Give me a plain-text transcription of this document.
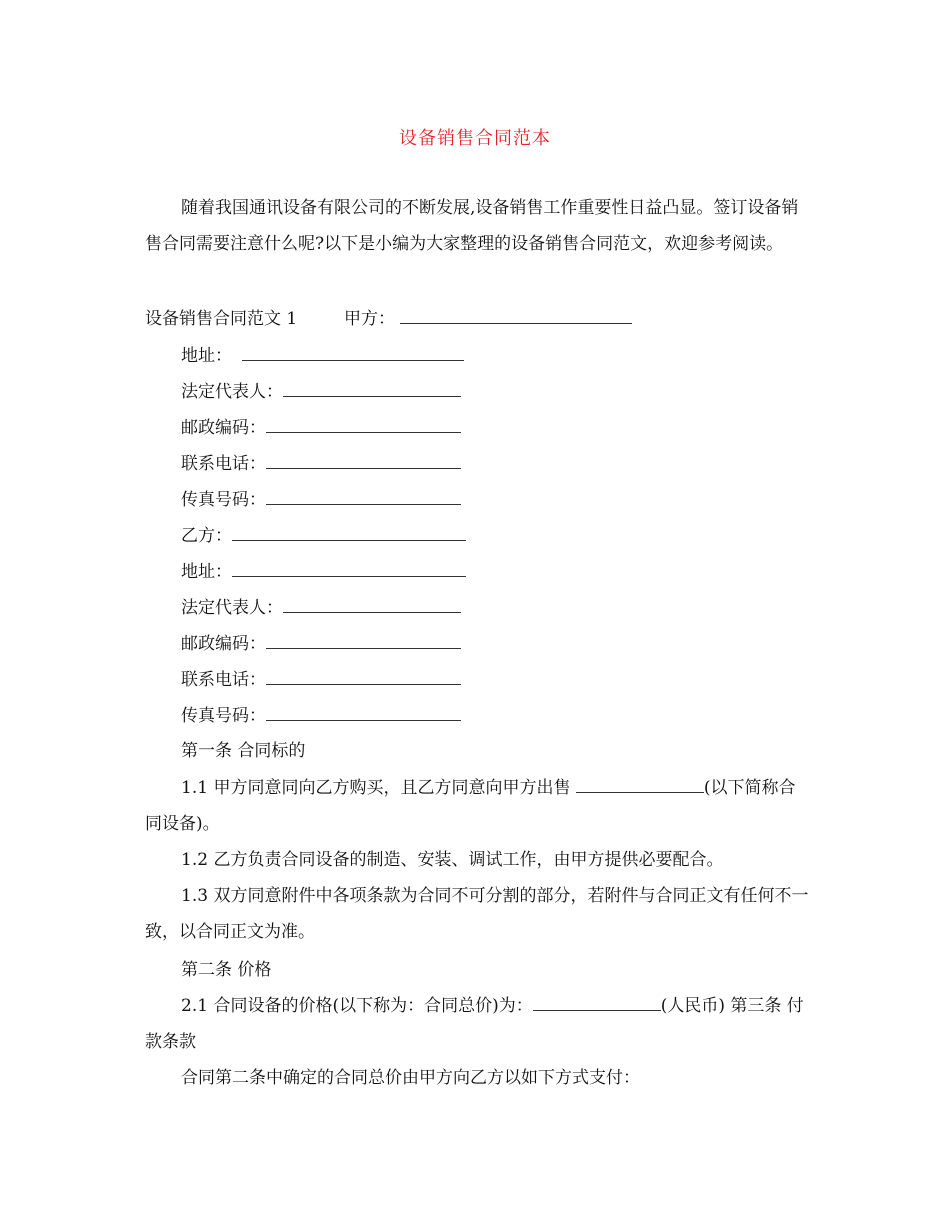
设备销售合同范本

随着我国通讯设备有限公司的不断发展,设备销售工作重要性日益凸显。签订设备销售合同需要注意什么呢?以下是小编为大家整理的设备销售合同范文，欢迎参考阅读。

设备销售合同范文 1	甲方：
地址：
法定代表人：
邮政编码：
联系电话：
传真号码：
乙方：
地址：
法定代表人：
邮政编码：
联系电话：
传真号码：
第一条 合同标的

1.1 甲方同意同向乙方购买，且乙方同意向甲方出售	(以下简称合同设备)。

1.2 乙方负责合同设备的制造、安装、调试工作，由甲方提供必要配合。

1.3 双方同意附件中各项条款为合同不可分割的部分，若附件与合同正文有任何不一致，以合同正文为准。

第二条 价格

2.1 合同设备的价格(以下称为：合同总价)为：	(人民币) 第三条 付款条款

合同第二条中确定的合同总价由甲方向乙方以如下方式支付：
